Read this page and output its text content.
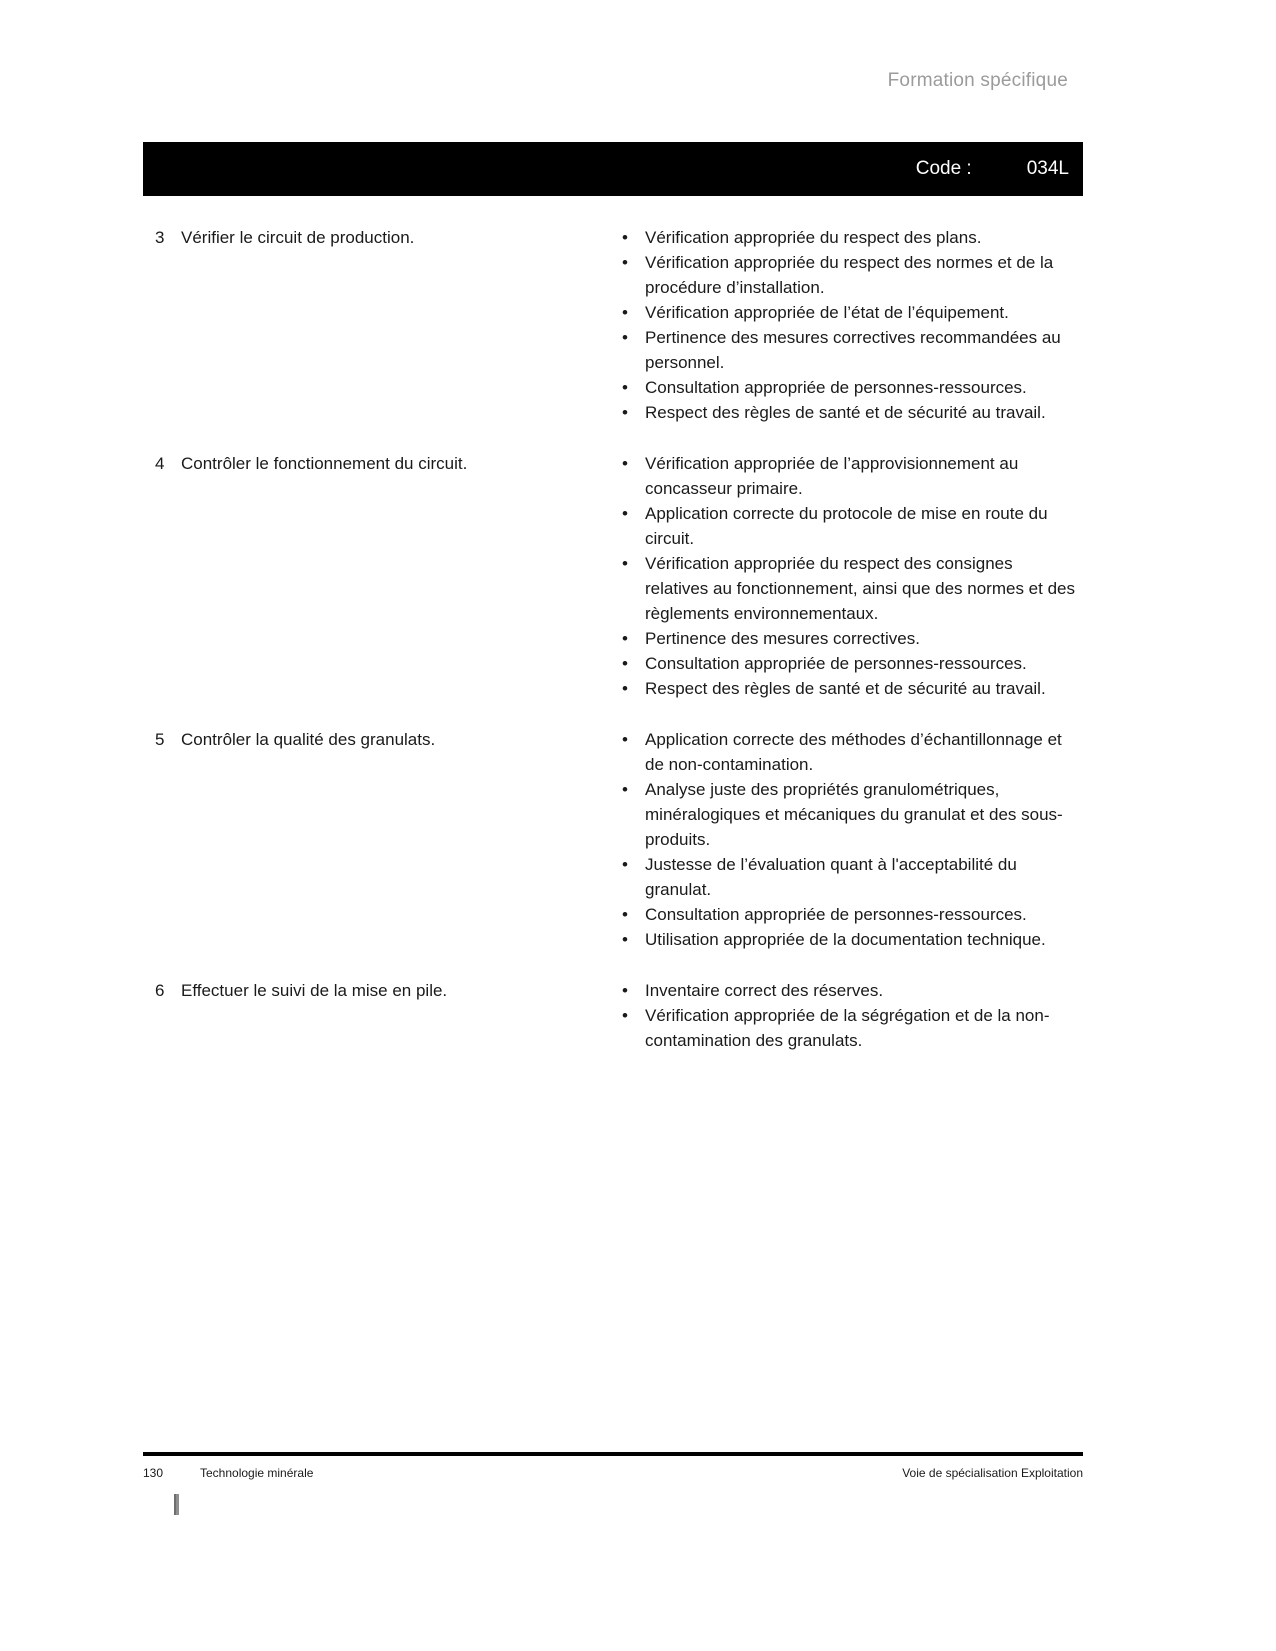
Formation spécifique
Code :	034L
3 Vérifier le circuit de production. •	Vérification appropriée du respect des plans.
•
Vérification appropriée du respect des normes et de la procédure d’installation.
•
Vérification appropriée de l’état de l’équipement.
•
Pertinence des mesures correctives recommandées au personnel.
•
Consultation appropriée de personnes-ressources.
•
Respect des règles de santé et de sécurité au travail.
4 Contrôler le fonctionnement du circuit. •	Vérification appropriée de l’approvisionnement au concasseur primaire.
•
Application correcte du protocole de mise en route du circuit.
•
Vérification appropriée du respect des consignes relatives au fonctionnement, ainsi que des normes et des règlements environnementaux.
•
Pertinence des mesures correctives.
•
Consultation appropriée de personnes-ressources.
•
Respect des règles de santé et de sécurité au travail.
5 Contrôler la qualité des granulats. •	Application correcte des méthodes d’échantillonnage et de non-contamination.
•
Analyse juste des propriétés granulométriques, minéralogiques et mécaniques du granulat et des sous-produits.
•
Justesse de l’évaluation quant à l'acceptabilité du granulat.
•
Consultation appropriée de personnes-ressources.
•
Utilisation appropriée de la documentation technique.
6 Effectuer le suivi de la mise en pile. •	Inventaire correct des réserves.
•
Vérification appropriée de la ségrégation et de la non-contamination des granulats.
130	Technologie minérale	Voie de spécialisation Exploitation
